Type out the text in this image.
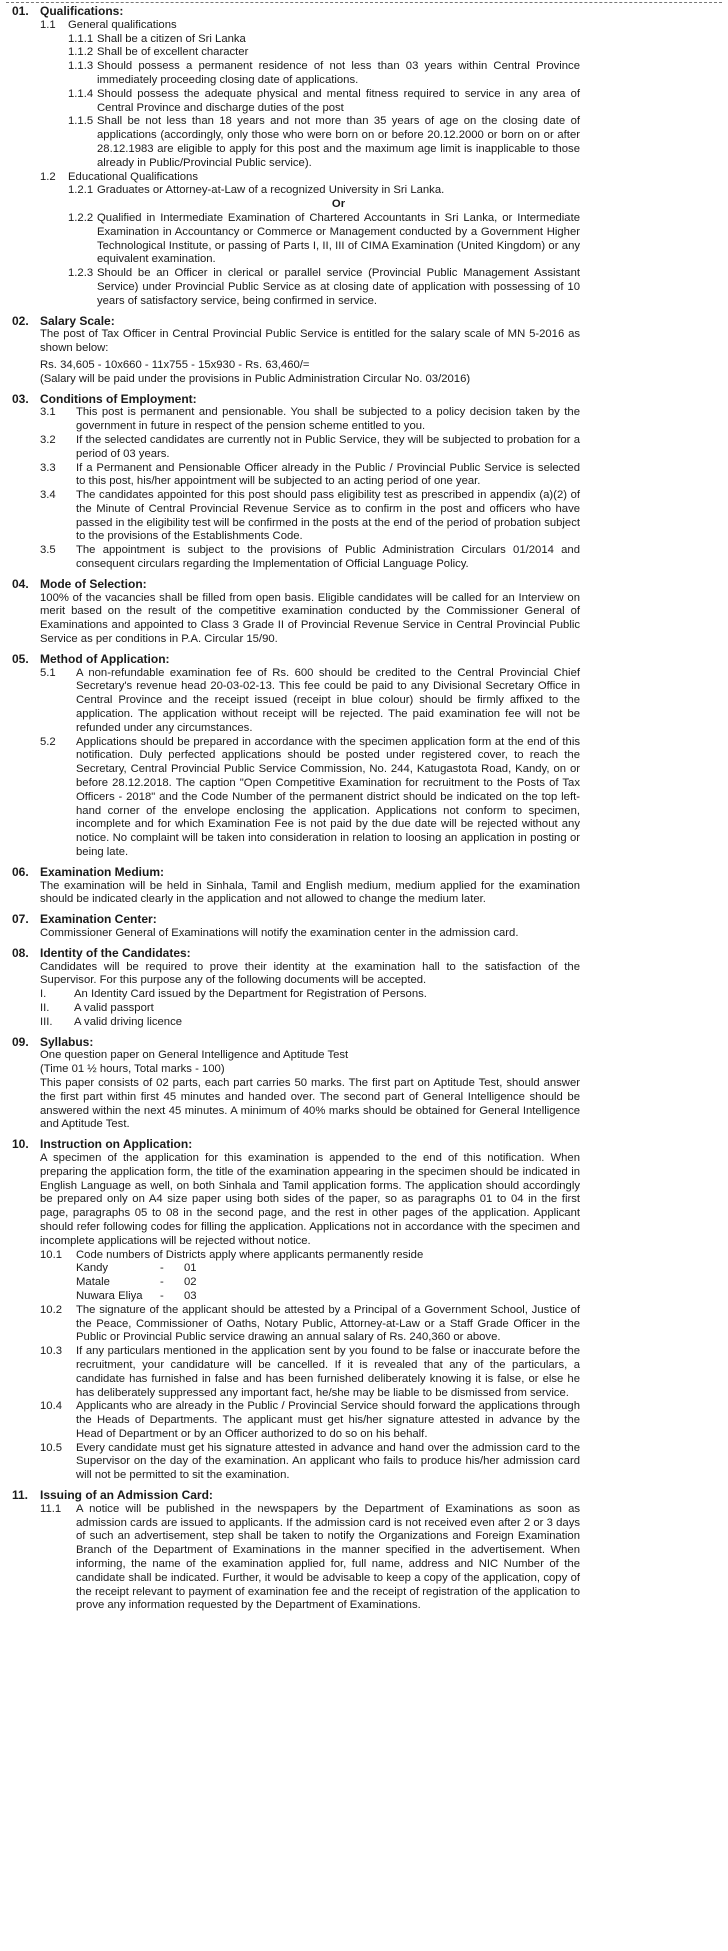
01. Qualifications:
1.1	General qualifications
1.1.1 Shall be a citizen of Sri Lanka
1.1.2 Shall be of excellent character
1.1.3 Should possess a permanent residence of not less than 03 years within Central Province immediately proceeding closing date of applications.
1.1.4 Should possess the adequate physical and mental fitness required to service in any area of Central Province and discharge duties of the post
1.1.5 Shall be not less than 18 years and not more than 35 years of age on the closing date of applications (accordingly, only those who were born on or before 20.12.2000 or born on or after 28.12.1983 are eligible to apply for this post and the maximum age limit is inapplicable to those already in Public/Provincial Public service).
1.2	Educational Qualifications
1.2.1 Graduates or Attorney-at-Law of a recognized University in Sri Lanka.
Or
1.2.2 Qualified in Intermediate Examination of Chartered Accountants in Sri Lanka, or Intermediate Examination in Accountancy or Commerce or Management conducted by a Government Higher Technological Institute, or passing of Parts I, II, III of CIMA Examination (United Kingdom) or any equivalent examination.
1.2.3 Should be an Officer in clerical or parallel service (Provincial Public Management Assistant Service) under Provincial Public Service as at closing date of application with possessing of 10 years of satisfactory service, being confirmed in service.
02. Salary Scale:

The post of Tax Officer in Central Provincial Public Service is entitled for the salary scale of MN 5-2016 as shown below:

Rs. 34,605 - 10x660 - 11x755 - 15x930 - Rs. 63,460/=

(Salary will be paid under the provisions in Public Administration Circular No. 03/2016)

03. Conditions of Employment:
3.1	This post is permanent and pensionable. You shall be subjected to a policy decision taken by the government in future in respect of the pension scheme entitled to you.
3.2	If the selected candidates are currently not in Public Service, they will be subjected to probation for a period of 03 years.
3.3	If a Permanent and Pensionable Officer already in the Public / Provincial Public Service is selected to this post, his/her appointment will be subjected to an acting period of one year.
3.4	The candidates appointed for this post should pass eligibility test as prescribed in appendix (a)(2) of the Minute of Central Provincial Revenue Service as to confirm in the post and officers who have passed in the eligibility test will be confirmed in the posts at the end of the period of probation subject to the provisions of the Establishments Code.
3.5	The appointment is subject to the provisions of Public Administration Circulars 01/2014 and consequent circulars regarding the Implementation of Official Language Policy.
04. Mode of Selection:

100% of the vacancies shall be filled from open basis. Eligible candidates will be called for an Interview on merit based on the result of the competitive examination conducted by the Commissioner General of Examinations and appointed to Class 3 Grade II of Provincial Revenue Service in Central Provincial Public Service as per conditions in P.A. Circular 15/90.

05. Method of Application:
5.1	A non-refundable examination fee of Rs. 600 should be credited to the Central Provincial Chief Secretary's revenue head 20-03-02-13. This fee could be paid to any Divisional Secretary Office in Central Province and the receipt issued (receipt in blue colour) should be firmly affixed to the application. The application without receipt will be rejected. The paid examination fee will not be refunded under any circumstances.
5.2	Applications should be prepared in accordance with the specimen application form at the end of this notification. Duly perfected applications should be posted under registered cover, to reach the Secretary, Central Provincial Public Service Commission, No. 244, Katugastota Road, Kandy, on or before 28.12.2018. The caption "Open Competitive Examination for recruitment to the Posts of Tax Officers - 2018" and the Code Number of the permanent district should be indicated on the top left-hand corner of the envelope enclosing the application. Applications not conform to specimen, incomplete and for which Examination Fee is not paid by the due date will be rejected without any notice. No complaint will be taken into consideration in relation to loosing an application in posting or being late.
06. Examination Medium:

The examination will be held in Sinhala, Tamil and English medium, medium applied for the examination should be indicated clearly in the application and not allowed to change the medium later.

07. Examination Center:

Commissioner General of Examinations will notify the examination center in the admission card.

08. Identity of the Candidates:

Candidates will be required to prove their identity at the examination hall to the satisfaction of the Supervisor. For this purpose any of the following documents will be accepted.

I.	An Identity Card issued by the Department for Registration of Persons.
II.	A valid passport
III.	A valid driving licence
09. Syllabus:

One question paper on General Intelligence and Aptitude Test

(Time 01 ½ hours, Total marks - 100)

This paper consists of 02 parts, each part carries 50 marks. The first part on Aptitude Test, should answer the first part within first 45 minutes and handed over. The second part of General Intelligence should be answered within the next 45 minutes. A minimum of 40% marks should be obtained for General Intelligence and Aptitude Test.

10. Instruction on Application:

A specimen of the application for this examination is appended to the end of this notification. When preparing the application form, the title of the examination appearing in the specimen should be indicated in English Language as well, on both Sinhala and Tamil application forms. The application should accordingly be prepared only on A4 size paper using both sides of the paper, so as paragraphs 01 to 04 in the first page, paragraphs 05 to 08 in the second page, and the rest in other pages of the application. Applicant should refer following codes for filling the application. Applications not in accordance with the specimen and incomplete applications will be rejected without notice.

10.1	Code numbers of Districts apply where applicants permanently reside
Kandy	-	01
Matale	-	02
Nuwara Eliya	-	03
10.2	The signature of the applicant should be attested by a Principal of a Government School, Justice of the Peace, Commissioner of Oaths, Notary Public, Attorney-at-Law or a Staff Grade Officer in the Public or Provincial Public service drawing an annual salary of Rs. 240,360 or above.
10.3	If any particulars mentioned in the application sent by you found to be false or inaccurate before the recruitment, your candidature will be cancelled. If it is revealed that any of the particulars, a candidate has furnished in false and has been furnished deliberately knowing it is false, or else he has deliberately suppressed any important fact, he/she may be liable to be dismissed from service.
10.4	Applicants who are already in the Public / Provincial Service should forward the applications through the Heads of Departments. The applicant must get his/her signature attested in advance by the Head of Department or by an Officer authorized to do so on his behalf.
10.5	Every candidate must get his signature attested in advance and hand over the admission card to the Supervisor on the day of the examination. An applicant who fails to produce his/her admission card will not be permitted to sit the examination.
11. Issuing of an Admission Card:
11.1	A notice will be published in the newspapers by the Department of Examinations as soon as admission cards are issued to applicants. If the admission card is not received even after 2 or 3 days of such an advertisement, step shall be taken to notify the Organizations and Foreign Examination Branch of the Department of Examinations in the manner specified in the advertisement. When informing, the name of the examination applied for, full name, address and NIC Number of the candidate shall be indicated. Further, it would be advisable to keep a copy of the application, copy of the receipt relevant to payment of examination fee and the receipt of registration of the application to prove any information requested by the Department of Examinations.
